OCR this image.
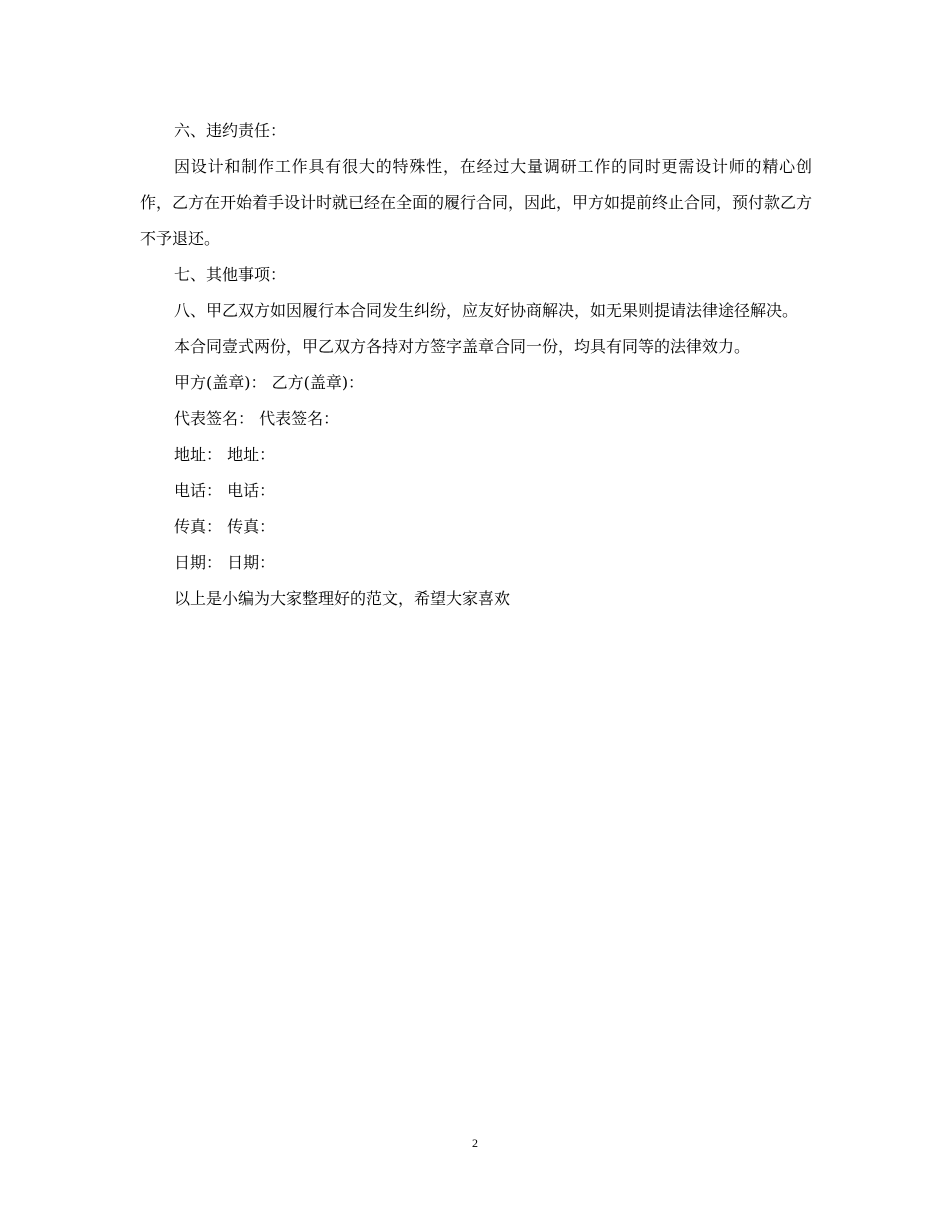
六、违约责任：

因设计和制作工作具有很大的特殊性，在经过大量调研工作的同时更需设计师的精心创作，乙方在开始着手设计时就已经在全面的履行合同，因此，甲方如提前终止合同，预付款乙方不予退还。

七、其他事项：

八、甲乙双方如因履行本合同发生纠纷，应友好协商解决，如无果则提请法律途径解决。

本合同壹式两份，甲乙双方各持对方签字盖章合同一份，均具有同等的法律效力。

甲方(盖章)： 乙方(盖章)：

代表签名： 代表签名：

地址： 地址：

电话： 电话：

传真： 传真：

日期： 日期：

以上是小编为大家整理好的范文，希望大家喜欢

2
